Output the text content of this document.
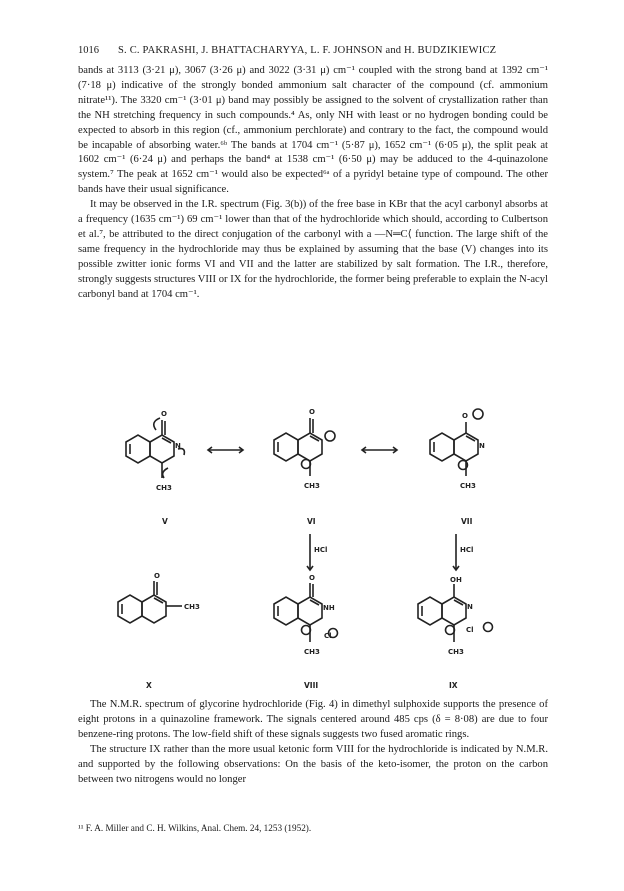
1016 S. C. PAKRASHI, J. BHATTACHARYYA, L. F. JOHNSON and H. BUDZIKIEWICZ

bands at 3113 (3·21 μ), 3067 (3·26 μ) and 3022 (3·31 μ) cm⁻¹ coupled with the strong band at 1392 cm⁻¹ (7·18 μ) indicative of the strongly bonded ammonium salt character of the compound (cf. ammonium nitrate¹¹). The 3320 cm⁻¹ (3·01 μ) band may possibly be assigned to the solvent of crystallization rather than the NH stretching frequency in such compounds.⁴ As, only NH with least or no hydrogen bonding could be expected to absorb in this region (cf., ammonium perchlorate) and contrary to the fact, the compound would be incapable of absorbing water.⁶ᵇ The bands at 1704 cm⁻¹ (5·87 μ), 1652 cm⁻¹ (6·05 μ), the split peak at 1602 cm⁻¹ (6·24 μ) and perhaps the band⁴ at 1538 cm⁻¹ (6·50 μ) may be adduced to the 4-quinazolone system.⁷ The peak at 1652 cm⁻¹ would also be expected⁶ᵃ of a pyridyl betaine type of compound. The other bands have their usual significance.

It may be observed in the I.R. spectrum (Fig. 3(b)) of the free base in KBr that the acyl carbonyl absorbs at a frequency (1635 cm⁻¹) 69 cm⁻¹ lower than that of the hydrochloride which should, according to Culbertson et al.⁷, be attributed to the direct conjugation of the carbonyl with a —N═C⟨ function. The large shift of the same frequency in the hydrochloride may thus be explained by assuming that the base (V) changes into its possible zwitter ionic forms VI and VII and the latter are stabilized by salt formation. The I.R., therefore, strongly suggests structures VIII or IX for the hydrochloride, the former being preferable to explain the N-acyl carbonyl band at 1704 cm⁻¹.

O
N
CH3
O
CH3
O
N
CH3
CH3
O
HCl	HCl
O
NH
Cl
CH3
OH
N
Cl
CH3
V	VI	VII
VIII	IX
X

The N.M.R. spectrum of glycorine hydrochloride (Fig. 4) in dimethyl sulphoxide supports the presence of eight protons in a quinazoline framework. The signals centered around 485 cps (δ = 8·08) are due to four benzene-ring protons. The low-field shift of these signals suggests two fused aromatic rings.

The structure IX rather than the more usual ketonic form VIII for the hydrochloride is indicated by N.M.R. and supported by the following observations: On the basis of the keto-isomer, the proton on the carbon between two nitrogens would no longer

¹¹ F. A. Miller and C. H. Wilkins, Anal. Chem. 24, 1253 (1952).
